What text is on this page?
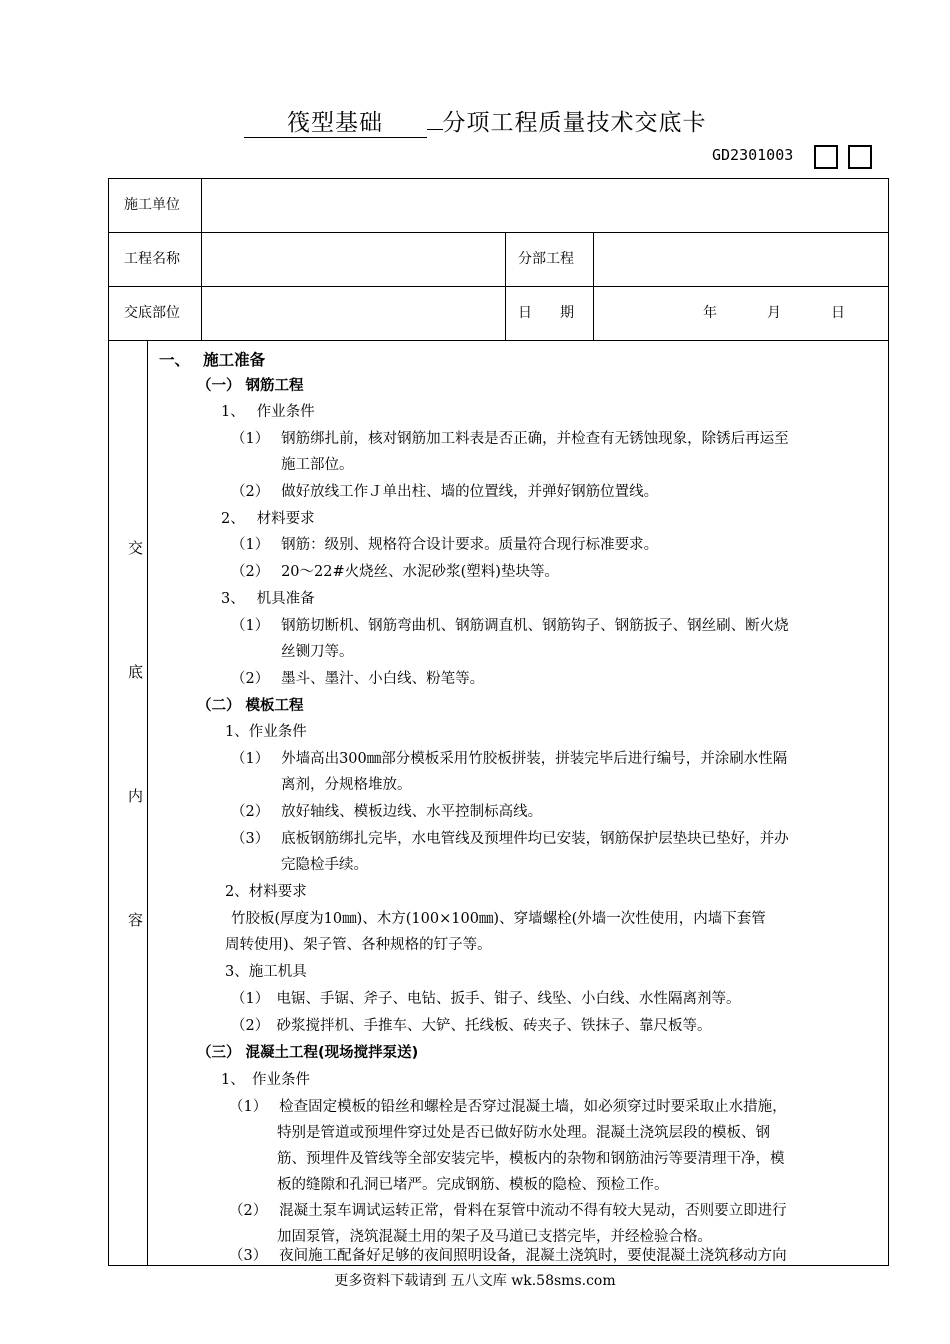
筏型基础	分项工程质量技术交底卡
GD2301003
施工单位
工程名称	分部工程
交底部位	日　　期	年	月	日
交
底
内
容
一、　 施工准备
（一） 钢筋工程
1、　 作业条件
（1）　 钢筋绑扎前，核对钢筋加工料表是否正确，并检查有无锈蚀现象，除锈后再运至
施工部位。
（2）　 做好放线工作Ｊ单出柱、墙的位置线，并弹好钢筋位置线。
2、　 材料要求
（1）　 钢筋：级别、规格符合设计要求。质量符合现行标准要求。
（2）　 20～22#火烧丝、水泥砂浆(塑料)垫块等。
3、　 机具准备
（1）　 钢筋切断机、钢筋弯曲机、钢筋调直机、钢筋钩子、钢筋扳子、钢丝刷、断火烧
丝铡刀等。
（2）　 墨斗、墨汁、小白线、粉笔等。
（二） 模板工程
1、作业条件
（1）　 外墙高出300㎜部分模板采用竹胶板拼装，拼装完毕后进行编号，并涂刷水性隔
离剂，分规格堆放。
（2）　 放好轴线、模板边线、水平控制标高线。
（3）　 底板钢筋绑扎完毕，水电管线及预埋件均已安装，钢筋保护层垫块已垫好，并办
完隐检手续。
2、材料要求
竹胶板(厚度为10㎜)、木方(100×100㎜)、穿墙螺栓(外墙一次性使用，内墙下套管
周转使用)、架子管、各种规格的钉子等。
3、施工机具
（1）　电锯、手锯、斧子、电钻、扳手、钳子、线坠、小白线、水性隔离剂等。
（2）　砂浆搅拌机、手推车、大铲、托线板、砖夹子、铁抹子、靠尺板等。
（三） 混凝土工程(现场搅拌泵送)
1、　作业条件
（1）　 检查固定模板的铅丝和螺栓是否穿过混凝土墙，如必须穿过时要采取止水措施，
特别是管道或预埋件穿过处是否已做好防水处理。混凝土浇筑层段的模板、钢
筋、预埋件及管线等全部安装完毕，模板内的杂物和钢筋油污等要清理干净，模
板的缝隙和孔洞已堵严。完成钢筋、模板的隐检、预检工作。
（2）　 混凝土泵车调试运转正常，骨料在泵管中流动不得有较大晃动，否则要立即进行
加固泵管，浇筑混凝土用的架子及马道已支搭完毕，并经检验合格。
（3）　 夜间施工配备好足够的夜间照明设备，混凝土浇筑时，要使混凝土浇筑移动方向
更多资料下载请到 五八文库 wk.58sms.com
